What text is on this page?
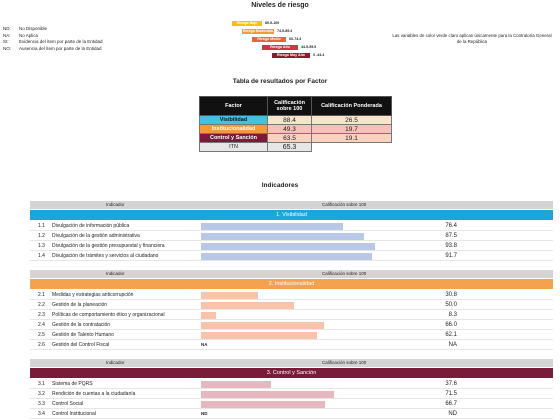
Niveles de riesgo
ND: No Disponible
NA: No Aplica
SI: Evidencia del ítem por parte de la Entidad
NO: Ausencia del ítem por parte de la Entidad
Riesgo Bajo 89.5-100
Riesgo Moderado 74.5-89.4
Riesgo Medio 60-74.4
Riesgo Alto	44.5-59.9
Riesgo Muy Alto 0 -44.4
Las variables de color verde claro aplican únicamente para la Contraloría General de la República
Tabla de resultados por Factor
Factor	Calificación sobre 100	Calificación Ponderada
Visibilidad	88.4	26.5
Institucionalidad	49.3	19.7
Control y Sanción	63.5	19.1
ITN	65.3	
Indicadores
Indicador	Calificación sobre 100
1. Visibilidad
1.1 Divulgación de información pública	76.4
1.2 Divulgación de la gestión administrativa	87.5
1.3 Divulgación de la gestión presupuestal y financiera	93.8
1.4 Divulgación de trámites y servicios al ciudadano	91.7
Indicador	Calificación sobre 100
2. Institucionalidad
2.1 Medidas y estrategias anticorrupción	30.8
2.2 Gestión de la planeación	50.0
2.3 Políticas de comportamiento ético y organizacional	8.3
2.4 Gestión de la contratación	66.0
2.5 Gestión de Talento Humano	62.1
2.6 Gestión del Control Fiscal	NA	NA
Indicador	Calificación sobre 100
3. Control y Sanción
3.1 Sistema de PQRS	37.6
3.2 Rendición de cuentas a la ciudadanía	71.5
3.3 Control Social	66.7
3.4 Control Institucional	ND	ND
